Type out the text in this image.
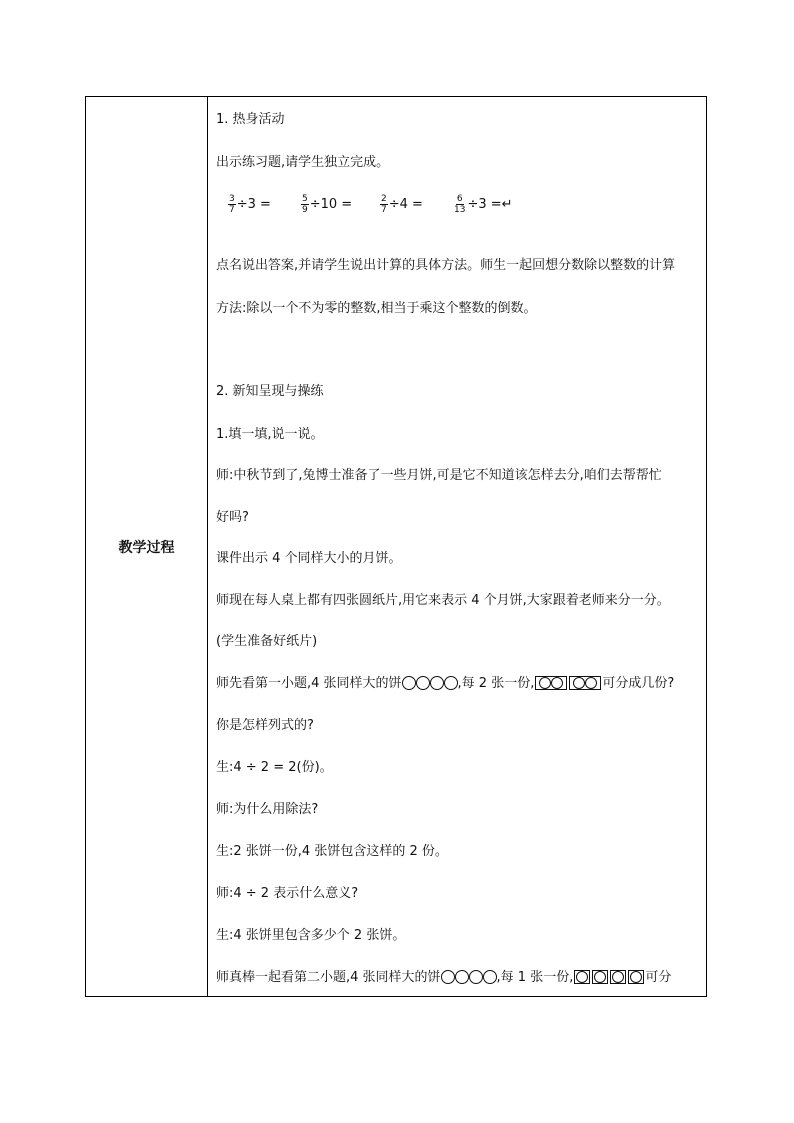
教学过程
1. 热身活动
出示练习题,请学生独立完成。
$\frac{3}{7} \div 3$ =	$\frac{5}{9} \div 10$ =	$\frac{2}{7} \div 4$ =	$\frac{6}{13} \div 3$ =↵
点名说出答案,并请学生说出计算的具体方法。师生一起回想分数除以整数的计算
方法:除以一个不为零的整数,相当于乘这个整数的倒数。
2. 新知呈现与操练
1.填一填,说一说。
师:中秋节到了,兔博士准备了一些月饼,可是它不知道该怎样去分,咱们去帮帮忙
好吗?
课件出示 4 个同样大小的月饼。
师现在每人桌上都有四张圆纸片,用它来表示 4 个月饼,大家跟着老师来分一分。
(学生准备好纸片)
师先看第一小题,4 张同样大的饼	,每 2 张一份,	可分成几份?
你是怎样列式的?
生:4 ÷ 2 = 2(份)。
师:为什么用除法?
生:2 张饼一份,4 张饼包含这样的 2 份。
师:4 ÷ 2 表示什么意义?
生:4 张饼里包含多少个 2 张饼。
师真棒一起看第二小题,4 张同样大的饼	,每 1 张一份,	可分
